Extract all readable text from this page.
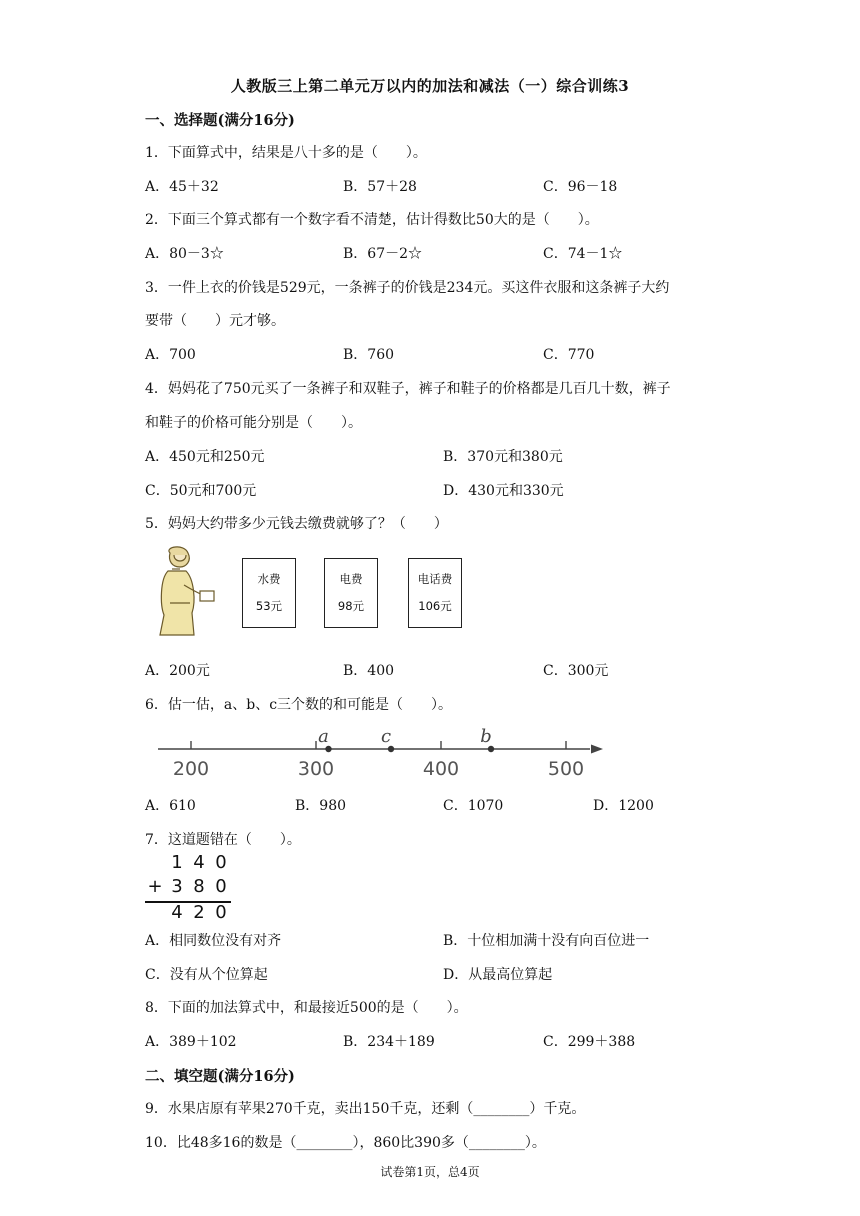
人教版三上第二单元万以内的加法和减法（一）综合训练3
一、选择题(满分16分)
1．下面算式中，结果是八十多的是（　　）。
A．45＋32	B．57＋28	C．96－18
2．下面三个算式都有一个数字看不清楚，估计得数比50大的是（　　）。
A．80－3☆	B．67－2☆	C．74－1☆
3．一件上衣的价钱是529元，一条裤子的价钱是234元。买这件衣服和这条裤子大约
要带（　　）元才够。
A．700	B．760	C．770
4．妈妈花了750元买了一条裤子和双鞋子，裤子和鞋子的价格都是几百几十数，裤子
和鞋子的价格可能分别是（　　）。
A．450元和250元	B．370元和380元
C．50元和700元	D．430元和330元
5．妈妈大约带多少元钱去缴费就够了？（　　）
水费
53元
电费
98元
电话费
106元
A．200元	B．400	C．300元
6．估一估，a、b、c三个数的和可能是（　　）。
200	300	400	500
a	c	b
A．610	B．980	C．1070	D．1200
7．这道题错在（　　）。
1 4 0
+ 3 8 0
4 2 0
A．相同数位没有对齐	B．十位相加满十没有向百位进一
C．没有从个位算起	D．从最高位算起
8．下面的加法算式中，和最接近500的是（　　）。
A．389＋102	B．234＋189	C．299＋388
二、填空题(满分16分)
9．水果店原有苹果270千克，卖出150千克，还剩（________）千克。
10．比48多16的数是（________），860比390多（________）。
试卷第1页，总4页
